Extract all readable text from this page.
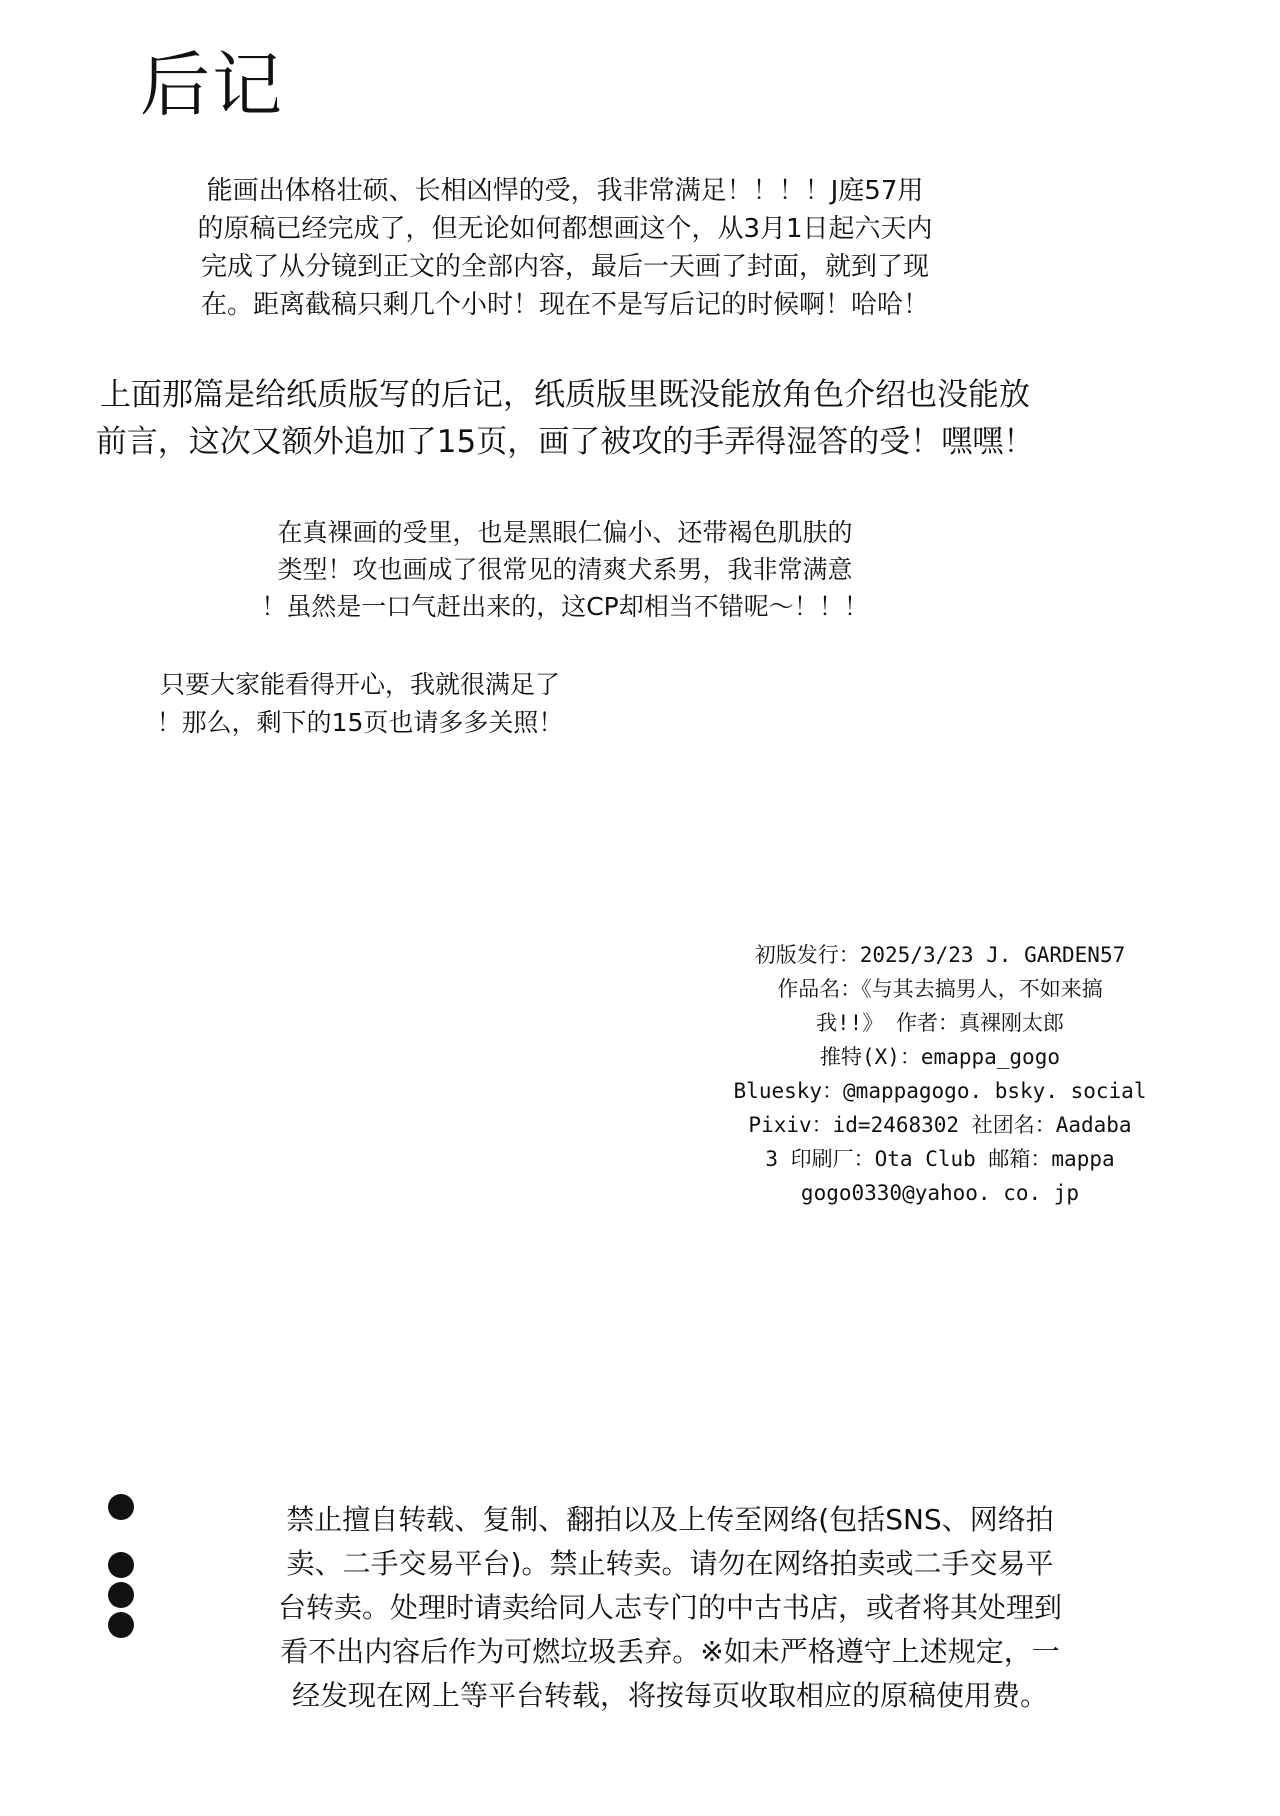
后记
能画出体格壮硕、长相凶悍的受，我非常满足！！！！J庭57用
的原稿已经完成了，但无论如何都想画这个，从3月1日起六天内
完成了从分镜到正文的全部内容，最后一天画了封面，就到了现
在。距离截稿只剩几个小时！现在不是写后记的时候啊！哈哈！
上面那篇是给纸质版写的后记，纸质版里既没能放角色介绍也没能放
前言，这次又额外追加了15页，画了被攻的手弄得湿答的受！嘿嘿！
在真裸画的受里，也是黑眼仁偏小、还带褐色肌肤的
类型！攻也画成了很常见的清爽犬系男，我非常满意
！虽然是一口气赶出来的，这CP却相当不错呢～！！！
只要大家能看得开心，我就很满足了
！那么，剩下的15页也请多多关照！
初版发行：2025/3/23 J. GARDEN57
作品名：《与其去搞男人，不如来搞
我!!》 作者：真裸刚太郎
推特(X)：emappa_gogo
Bluesky：@mappagogo. bsky. social
Pixiv：id=2468302 社团名：Aadaba
3 印刷厂：Ota Club 邮箱：mappa
gogo0330@yahoo. co. jp
禁止擅自转载、复制、翻拍以及上传至网络(包括SNS、网络拍
卖、二手交易平台)。禁止转卖。请勿在网络拍卖或二手交易平
台转卖。处理时请卖给同人志专门的中古书店，或者将其处理到
看不出内容后作为可燃垃圾丢弃。※如未严格遵守上述规定，一
经发现在网上等平台转载，将按每页收取相应的原稿使用费。
